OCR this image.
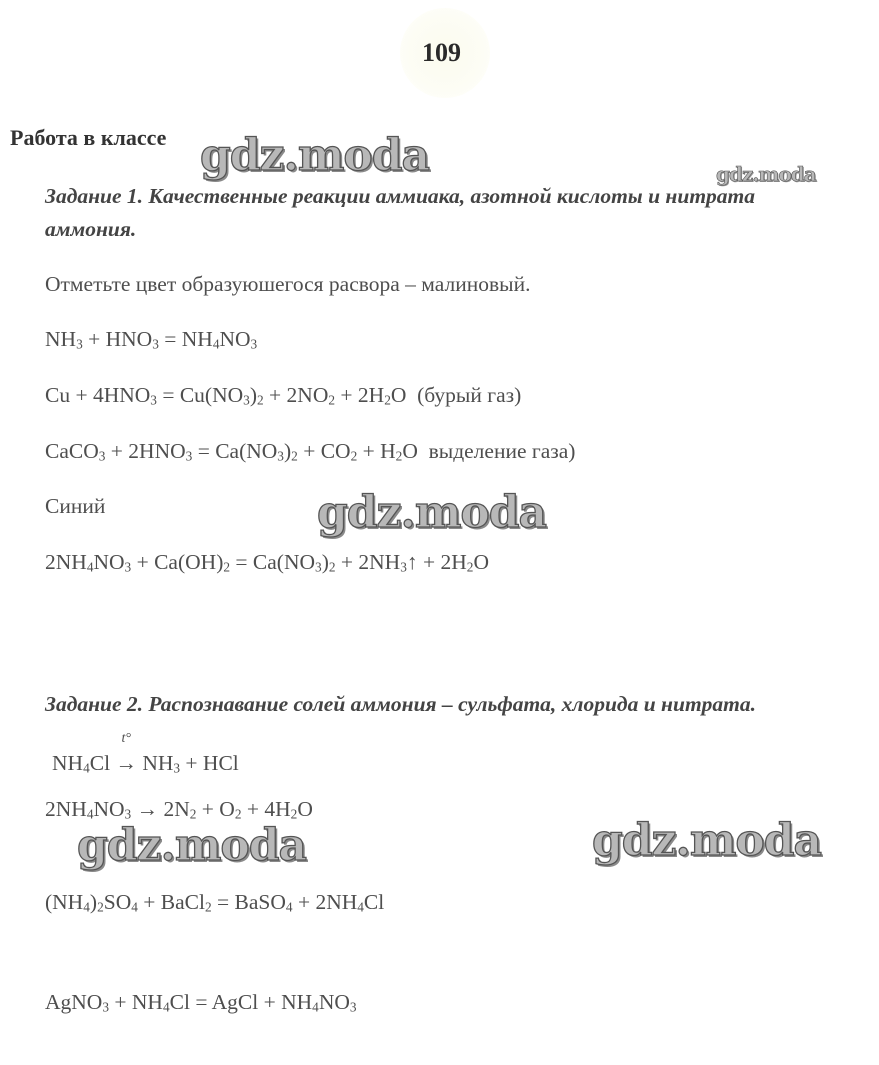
109
Работа в классе gdz.moda	gdz.moda
gdz.moda
gdz.moda	gdz.moda
Задание 1. Качественные реакции аммиака, азотной кислоты и нитрата
аммония.
Отметьте цвет образуюшегося расвора – малиновый.
$NH_3 + HNO_3 = NH_4NO_3$
$Cu + 4HNO_3 = Cu(NO_3)_2 + 2NO_2 + 2H_2O$  (бурый газ)
CaCO$_3$ + $2HNO_3 = Ca(NO_3)_2 + CO_2 + H_2O$  выделение газа)
Синий
$2NH_4NO_3 + Ca(OH)_2 = Ca(NO_3)_2$ + $2NH_3↑ + 2H_2O$
Задание 2. Распознавание солей аммония – сульфата, хлорида и нитрата.
$NH_4Cl$
t°
→ $NH_3$ + HCl
$2NH_4NO_3 \to 2N_2 + O_2 + 4H_2O$
$(NH_4)_2SO_4$ + BaCl$_2$ = BaSO$_4$ + $2NH_4Cl$
AgNO$_3$ + $NH_4Cl$ = AgCl + $NH_4NO_3$
